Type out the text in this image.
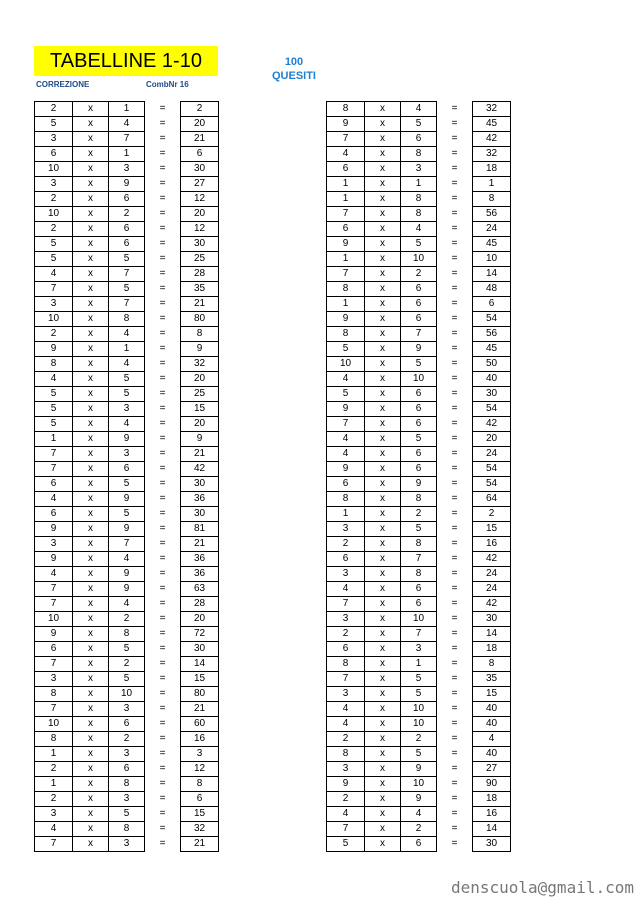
TABELLINE 1-10	100
QUESITI
CORREZIONE	CombNr 16
2	x	1	=	2
5	x	4	=	20
3	x	7	=	21
6	x	1	=	6
10	x	3	=	30
3	x	9	=	27
2	x	6	=	12
10	x	2	=	20
2	x	6	=	12
5	x	6	=	30
5	x	5	=	25
4	x	7	=	28
7	x	5	=	35
3	x	7	=	21
10	x	8	=	80
2	x	4	=	8
9	x	1	=	9
8	x	4	=	32
4	x	5	=	20
5	x	5	=	25
5	x	3	=	15
5	x	4	=	20
1	x	9	=	9
7	x	3	=	21
7	x	6	=	42
6	x	5	=	30
4	x	9	=	36
6	x	5	=	30
9	x	9	=	81
3	x	7	=	21
9	x	4	=	36
4	x	9	=	36
7	x	9	=	63
7	x	4	=	28
10	x	2	=	20
9	x	8	=	72
6	x	5	=	30
7	x	2	=	14
3	x	5	=	15
8	x	10	=	80
7	x	3	=	21
10	x	6	=	60
8	x	2	=	16
1	x	3	=	3
2	x	6	=	12
1	x	8	=	8
2	x	3	=	6
3	x	5	=	15
4	x	8	=	32
7	x	3	=	21
8	x	4	=	32
9	x	5	=	45
7	x	6	=	42
4	x	8	=	32
6	x	3	=	18
1	x	1	=	1
1	x	8	=	8
7	x	8	=	56
6	x	4	=	24
9	x	5	=	45
1	x	10	=	10
7	x	2	=	14
8	x	6	=	48
1	x	6	=	6
9	x	6	=	54
8	x	7	=	56
5	x	9	=	45
10	x	5	=	50
4	x	10	=	40
5	x	6	=	30
9	x	6	=	54
7	x	6	=	42
4	x	5	=	20
4	x	6	=	24
9	x	6	=	54
6	x	9	=	54
8	x	8	=	64
1	x	2	=	2
3	x	5	=	15
2	x	8	=	16
6	x	7	=	42
3	x	8	=	24
4	x	6	=	24
7	x	6	=	42
3	x	10	=	30
2	x	7	=	14
6	x	3	=	18
8	x	1	=	8
7	x	5	=	35
3	x	5	=	15
4	x	10	=	40
4	x	10	=	40
2	x	2	=	4
8	x	5	=	40
3	x	9	=	27
9	x	10	=	90
2	x	9	=	18
4	x	4	=	16
7	x	2	=	14
5	x	6	=	30
denscuola@gmail.com
